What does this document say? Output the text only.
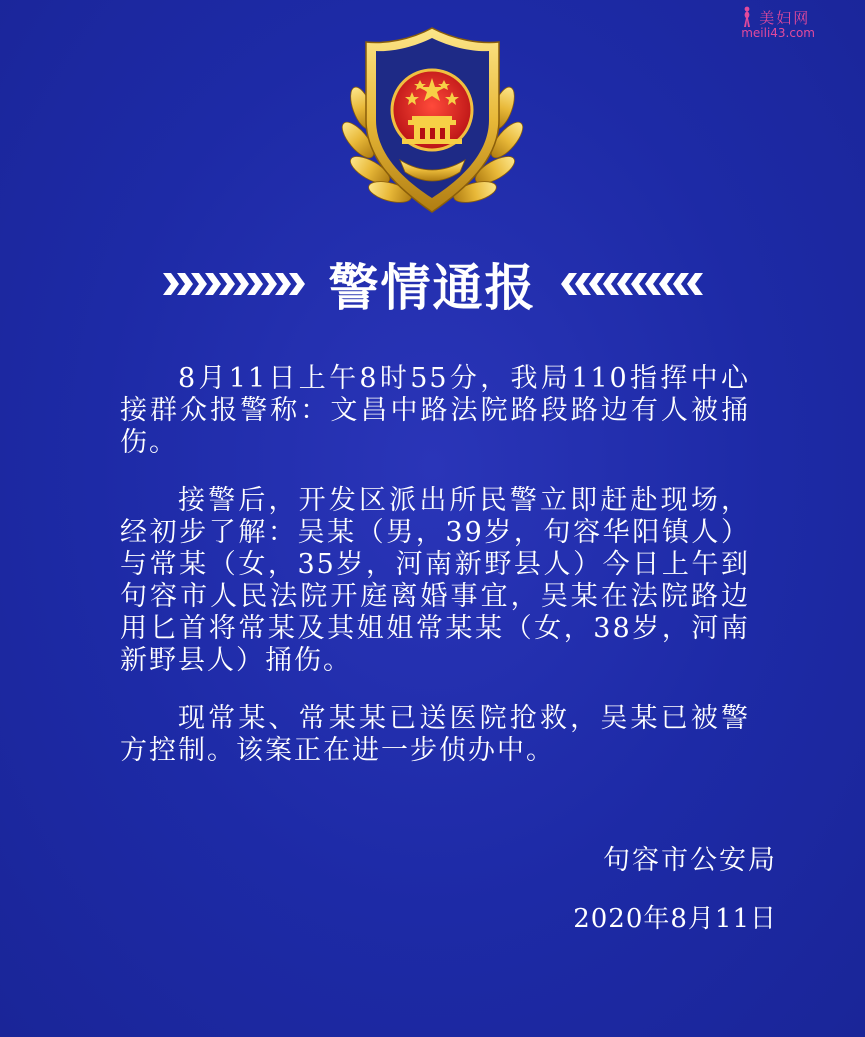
美妇网
meili43.com
警情通报

8月11日上午8时55分，我局110指挥中心接群众报警称：文昌中路法院路段路边有人被捅伤。

接警后，开发区派出所民警立即赶赴现场，经初步了解：吴某（男，39岁，句容华阳镇人）与常某（女，35岁，河南新野县人）今日上午到句容市人民法院开庭离婚事宜，吴某在法院路边用匕首将常某及其姐姐常某某（女，38岁，河南新野县人）捅伤。

现常某、常某某已送医院抢救，吴某已被警方控制。该案正在进一步侦办中。

句容市公安局
2020年8月11日
